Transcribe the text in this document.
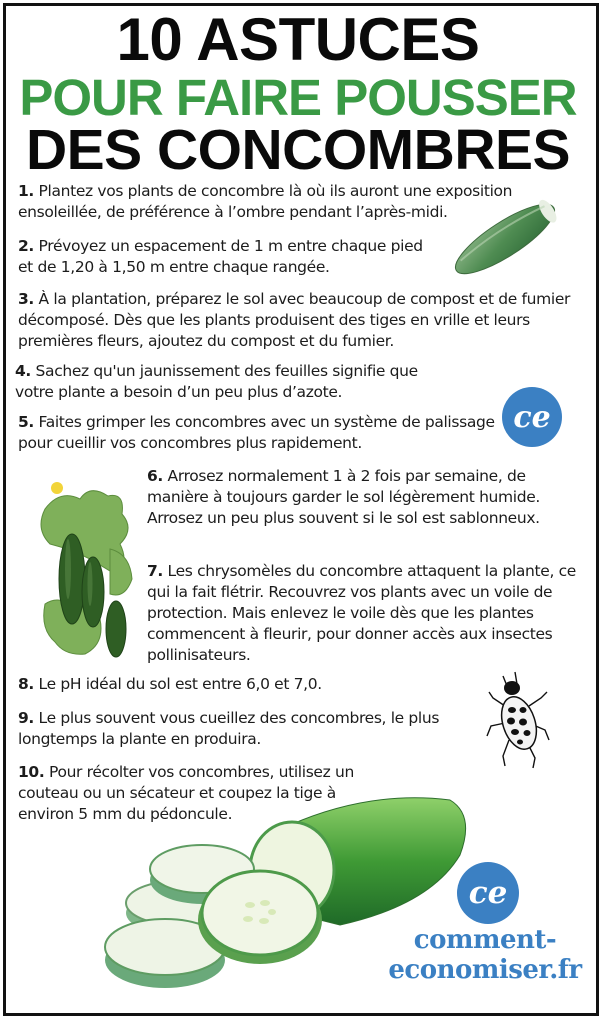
10 ASTUCES
POUR FAIRE POUSSER
DES CONCOMBRES
1. Plantez vos plants de concombre là où ils auront une exposition ensoleillée, de préférence à l’ombre pendant l’après-midi.
2. Prévoyez un espacement de 1 m entre chaque pied et de 1,20 à 1,50 m entre chaque rangée.
3. À la plantation, préparez le sol avec beaucoup de compost et de fumier décomposé. Dès que les plants produisent des tiges en vrille et leurs premières fleurs, ajoutez du compost et du fumier.
4. Sachez qu'un jaunissement des feuilles signifie que votre plante a besoin d’un peu plus d’azote.
5. Faites grimper les concombres avec un système de palissage pour cueillir vos concombres plus rapidement.
6. Arrosez normalement 1 à 2 fois par semaine, de manière à toujours garder le sol légèrement humide. Arrosez un peu plus souvent si le sol est sablonneux.
7. Les chrysomèles du concombre attaquent la plante, ce qui la fait flétrir. Recouvrez vos plants avec un voile de protection. Mais enlevez le voile dès que les plantes commencent à fleurir, pour donner accès aux insectes pollinisateurs.
8. Le pH idéal du sol est entre 6,0 et 7,0.
9. Le plus souvent vous cueillez des concombres, le plus longtemps la plante en produira.
10. Pour récolter vos concombres, utilisez un couteau ou un sécateur et coupez la tige à environ 5 mm du pédoncule.
ce
ce
comment-
economiser.fr
